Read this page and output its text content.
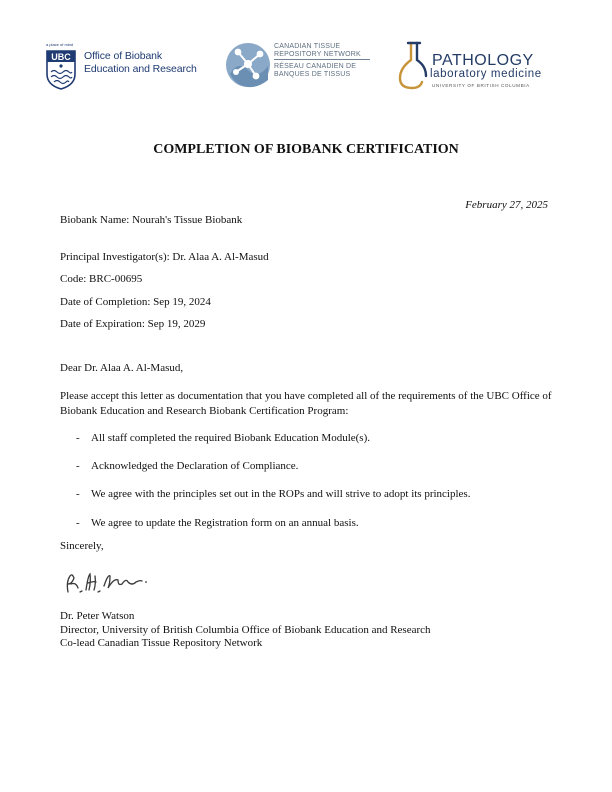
a place of mind
UBC Office of Biobank
Education and Research
CANADIAN TISSUE
REPOSITORY NETWORK
RÉSEAU CANADIEN DE
BANQUES DE TISSUS
PATHOLOGY
laboratory medicine
UNIVERSITY OF BRITISH COLUMBIA
COMPLETION OF BIOBANK CERTIFICATION
February 27, 2025
Biobank Name: Nourah's Tissue Biobank
Principal Investigator(s): Dr. Alaa A. Al-Masud
Code: BRC-00695
Date of Completion: Sep 19, 2024
Date of Expiration: Sep 19, 2029
Dear Dr. Alaa A. Al-Masud,
Please accept this letter as documentation that you have completed all of the requirements of the UBC Office of Biobank Education and Research Biobank Certification Program:
- All staff completed the required Biobank Education Module(s).
- Acknowledged the Declaration of Compliance.
- We agree with the principles set out in the ROPs and will strive to adopt its principles.
- We agree to update the Registration form on an annual basis.
Sincerely,
Dr. Peter Watson
Director, University of British Columbia Office of Biobank Education and Research
Co-lead Canadian Tissue Repository Network
